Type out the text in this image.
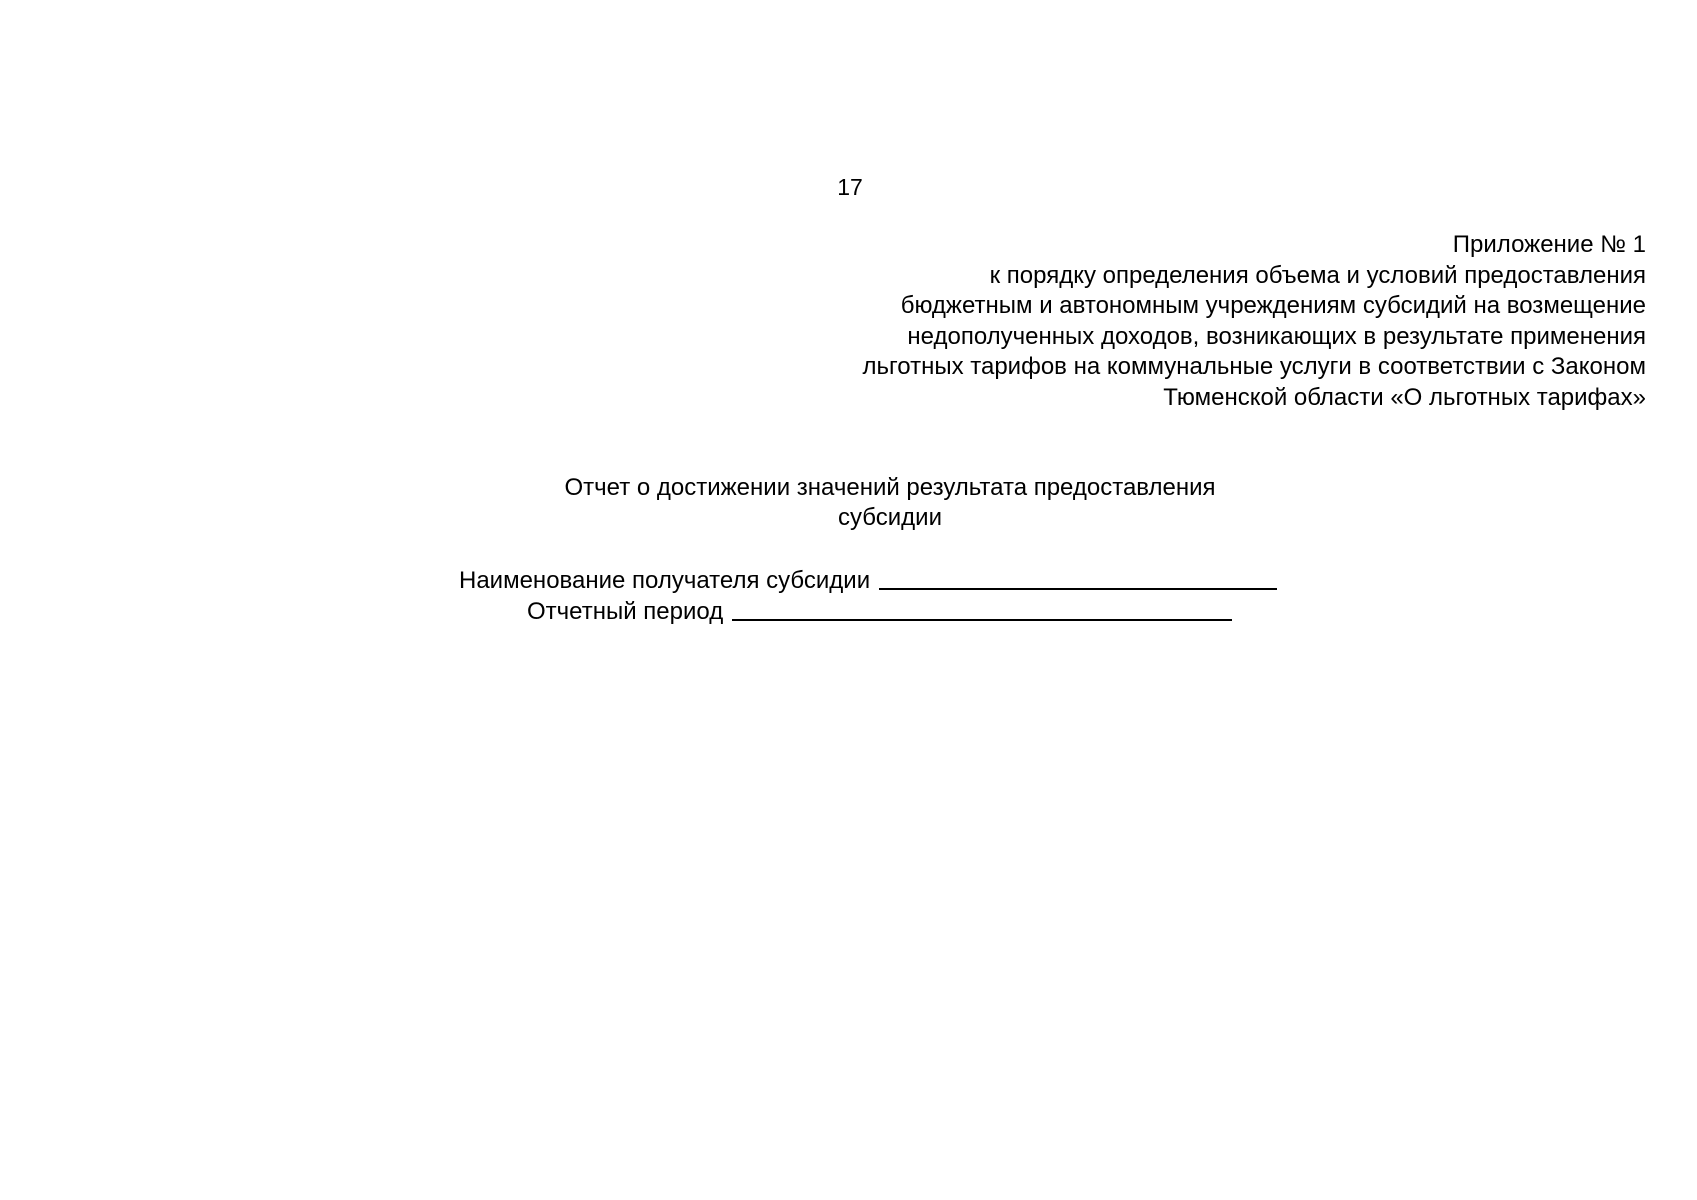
17
Приложение № 1
к порядку определения объема и условий предоставления
бюджетным и автономным учреждениям субсидий на возмещение
недополученных доходов, возникающих в результате применения
льготных тарифов на коммунальные услуги в соответствии с Законом
Тюменской области «О льготных тарифах»
Отчет о достижении значений результата предоставления
субсидии
Наименование получателя субсидии
Отчетный период
